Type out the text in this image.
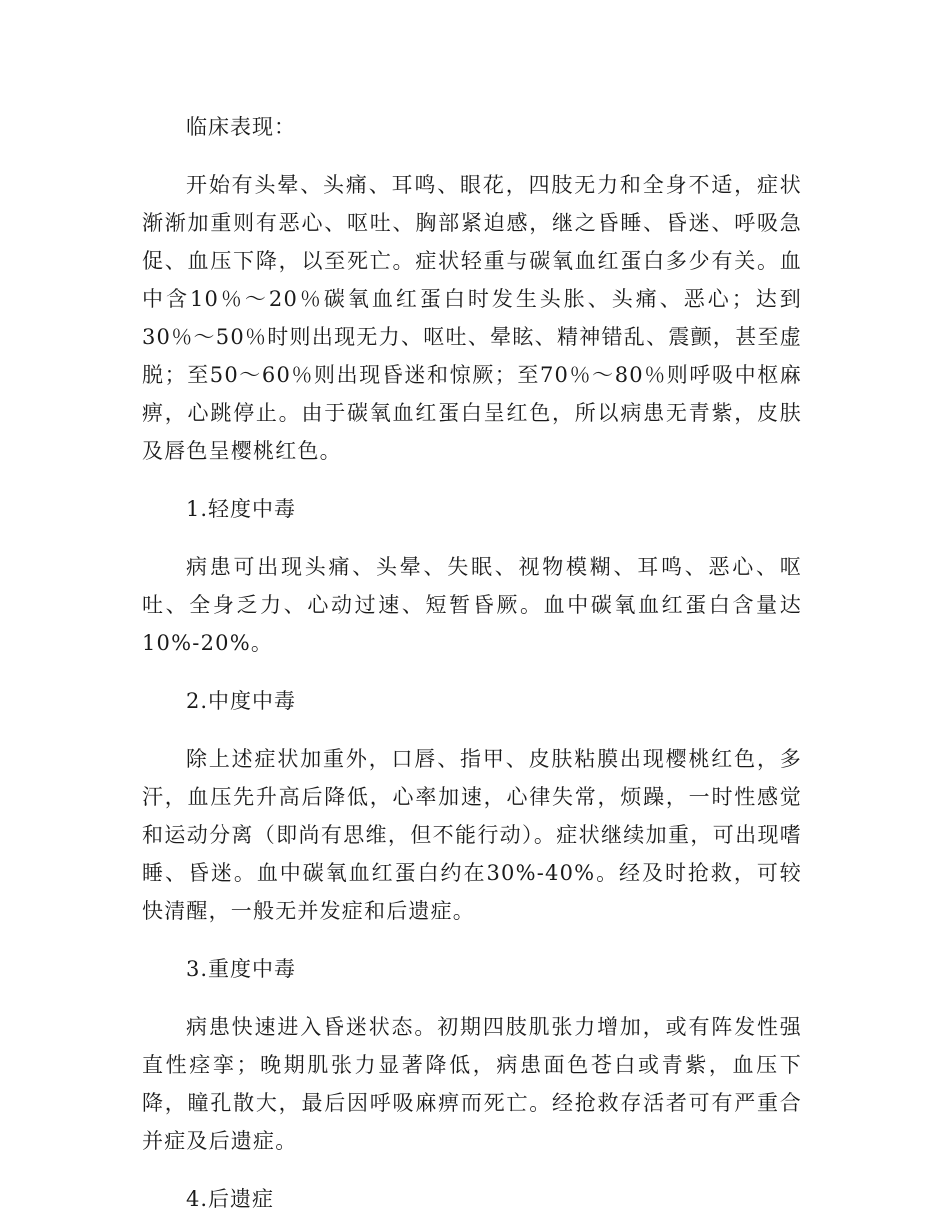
临床表现：

开始有头晕、头痛、耳鸣、眼花，四肢无力和全身不适，症状渐渐加重则有恶心、呕吐、胸部紧迫感，继之昏睡、昏迷、呼吸急促、血压下降，以至死亡。症状轻重与碳氧血红蛋白多少有关。血中含10％～20％碳氧血红蛋白时发生头胀、头痛、恶心；达到30％～50％时则出现无力、呕吐、晕眩、精神错乱、震颤，甚至虚脱；至50～60％则出现昏迷和惊厥；至70％～80％则呼吸中枢麻痹，心跳停止。由于碳氧血红蛋白呈红色，所以病患无青紫，皮肤及唇色呈樱桃红色。

1.轻度中毒

病患可出现头痛、头晕、失眠、视物模糊、耳鸣、恶心、呕吐、全身乏力、心动过速、短暂昏厥。血中碳氧血红蛋白含量达10%-20%。

2.中度中毒

除上述症状加重外，口唇、指甲、皮肤粘膜出现樱桃红色，多汗，血压先升高后降低，心率加速，心律失常，烦躁，一时性感觉和运动分离（即尚有思维，但不能行动）。症状继续加重，可出现嗜睡、昏迷。血中碳氧血红蛋白约在30%-40%。经及时抢救，可较快清醒，一般无并发症和后遗症。

3.重度中毒

病患快速进入昏迷状态。初期四肢肌张力增加，或有阵发性强直性痉挛；晚期肌张力显著降低，病患面色苍白或青紫，血压下降，瞳孔散大，最后因呼吸麻痹而死亡。经抢救存活者可有严重合并症及后遗症。

4.后遗症
